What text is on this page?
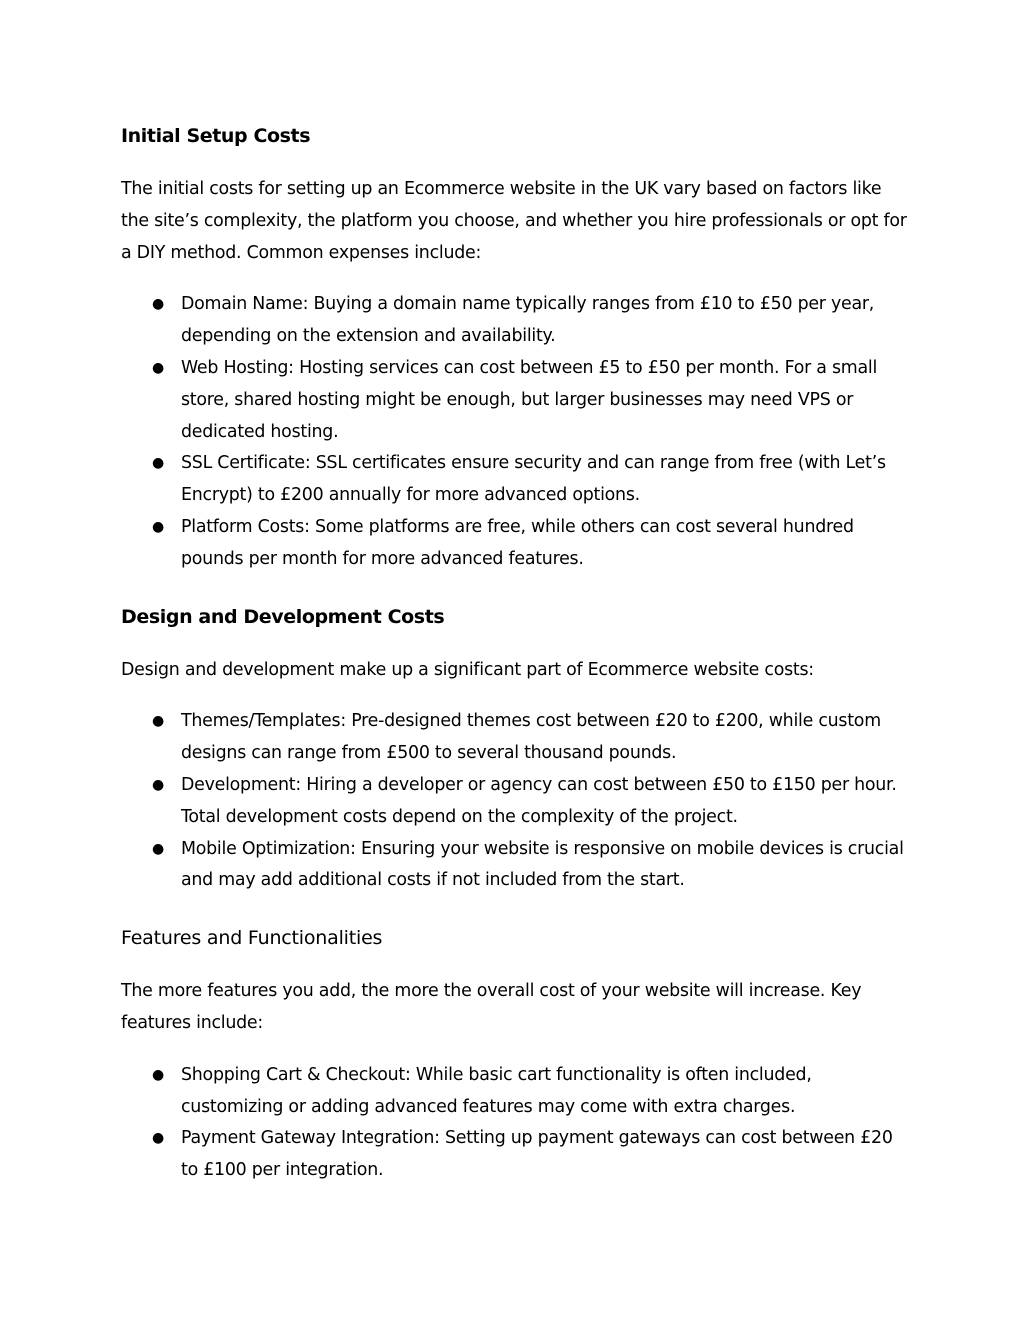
Initial Setup Costs

The initial costs for setting up an Ecommerce website in the UK vary based on factors like the site’s complexity, the platform you choose, and whether you hire professionals or opt for a DIY method. Common expenses include:

● Domain Name: Buying a domain name typically ranges from £10 to £50 per year, depending on the extension and availability.
● Web Hosting: Hosting services can cost between £5 to £50 per month. For a small store, shared hosting might be enough, but larger businesses may need VPS or dedicated hosting.
● SSL Certificate: SSL certificates ensure security and can range from free (with Let’s Encrypt) to £200 annually for more advanced options.
● Platform Costs: Some platforms are free, while others can cost several hundred pounds per month for more advanced features.
Design and Development Costs

Design and development make up a significant part of Ecommerce website costs:

● Themes/Templates: Pre-designed themes cost between £20 to £200, while custom designs can range from £500 to several thousand pounds.
● Development: Hiring a developer or agency can cost between £50 to £150 per hour. Total development costs depend on the complexity of the project.
● Mobile Optimization: Ensuring your website is responsive on mobile devices is crucial and may add additional costs if not included from the start.
Features and Functionalities

The more features you add, the more the overall cost of your website will increase. Key features include:

● Shopping Cart & Checkout: While basic cart functionality is often included, customizing or adding advanced features may come with extra charges.
● Payment Gateway Integration: Setting up payment gateways can cost between £20 to £100 per integration.
